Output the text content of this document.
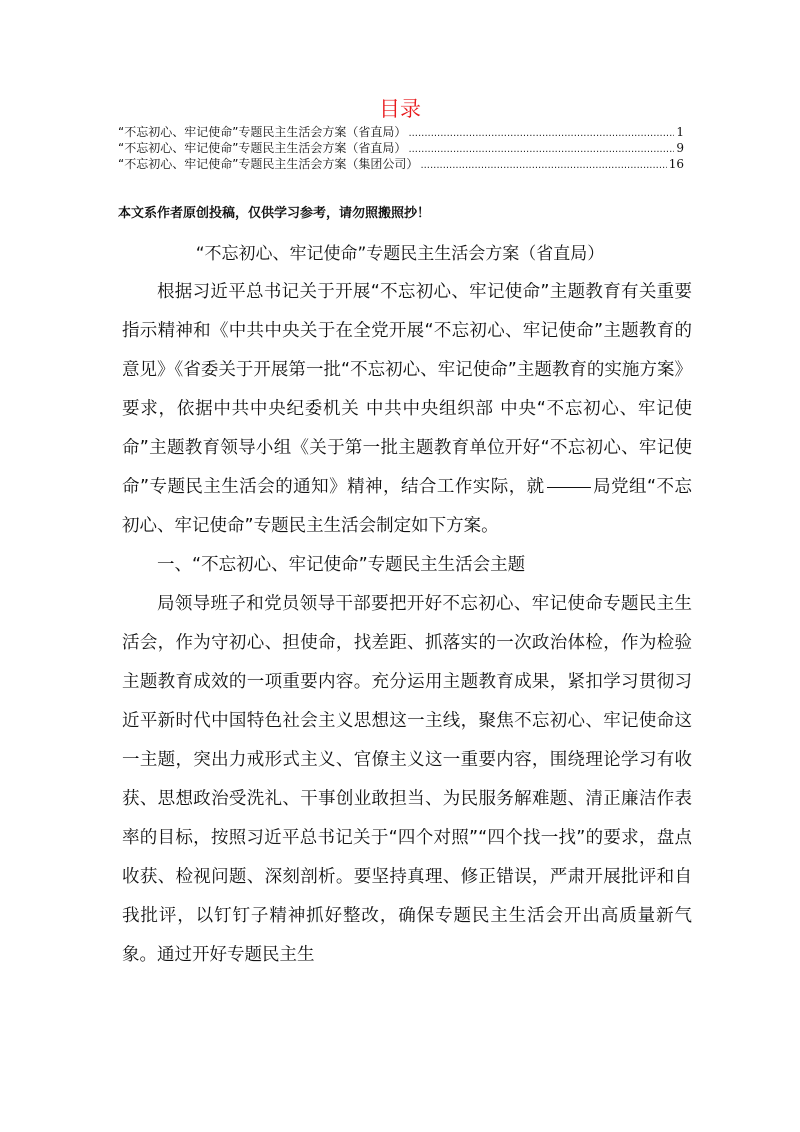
目录
“不忘初心、牢记使命”专题民主生活会方案（省直局） .....	1
“不忘初心、牢记使命”专题民主生活会方案（省直局） .....	9
“不忘初心、牢记使命”专题民主生活会方案（集团公司） .....	16
本文系作者原创投稿，仅供学习参考，请勿照搬照抄！
“不忘初心、牢记使命”专题民主生活会方案（省直局）

根据习近平总书记关于开展“不忘初心、牢记使命”主题教育有关重要指示精神和《中共中央关于在全党开展“不忘初心、牢记使命”主题教育的意见》《省委关于开展第一批“不忘初心、牢记使命”主题教育的实施方案》要求，依据中共中央纪委机关 中共中央组织部 中央“不忘初心、牢记使命”主题教育领导小组《关于第一批主题教育单位开好“不忘初心、牢记使命”专题民主生活会的通知》精神，结合工作实际，就	局党组“不忘初心、牢记使命”专题民主生活会制定如下方案。

一、“不忘初心、牢记使命”专题民主生活会主题

局领导班子和党员领导干部要把开好不忘初心、牢记使命专题民主生活会，作为守初心、担使命，找差距、抓落实的一次政治体检，作为检验主题教育成效的一项重要内容。充分运用主题教育成果，紧扣学习贯彻习近平新时代中国特色社会主义思想这一主线，聚焦不忘初心、牢记使命这一主题，突出力戒形式主义、官僚主义这一重要内容，围绕理论学习有收获、思想政治受洗礼、干事创业敢担当、为民服务解难题、清正廉洁作表率的目标，按照习近平总书记关于“四个对照”“四个找一找”的要求，盘点收获、检视问题、深刻剖析。要坚持真理、修正错误，严肃开展批评和自我批评，以钉钉子精神抓好整改，确保专题民主生活会开出高质量新气象。通过开好专题民主生
